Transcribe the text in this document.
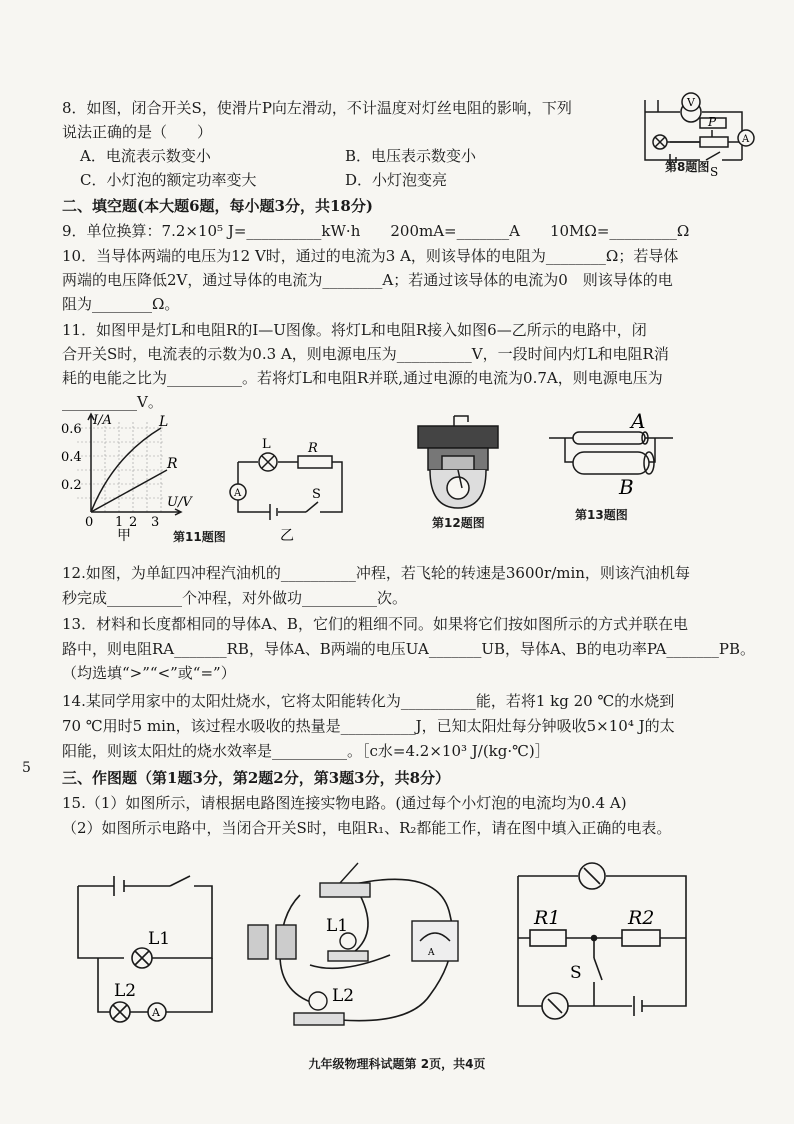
8．如图，闭合开关S，使滑片P向左滑动，不计温度对灯丝电阻的影响，下列
说法正确的是（　　）
A．电流表示数变小	B．电压表示数变小
C．小灯泡的额定功率变大	D．小灯泡变亮
V
A
P
S
第8题图
二、填空题(本大题6题，每小题3分，共18分)
9．单位换算：7.2×10⁵ J=__________kW·h　　200mA=_______A　　10MΩ=_________Ω
10．当导体两端的电压为12 V时，通过的电流为3 A，则该导体的电阻为________Ω；若导体
两端的电压降低2V，通过导体的电流为________A；若通过该导体的电流为0　则该导体的电
阻为________Ω。
11．如图甲是灯L和电阻R的I—U图像。将灯L和电阻R接入如图6—乙所示的电路中，闭
合开关S时，电流表的示数为0.3 A，则电源电压为__________V，一段时间内灯L和电阻R消
耗的电能之比为__________。若将灯L和电阻R并联,通过电源的电流为0.7A，则电源电压为
__________V。
I/A
U/V
0.6
0.4
0.2
0 1 2 3
L
R
甲
A
L	R
S
乙
第11题图
第12题图
A
B
第13题图
12.如图，为单缸四冲程汽油机的__________冲程，若飞轮的转速是3600r/min，则该汽油机每
秒完成__________个冲程，对外做功__________次。
13．材料和长度都相同的导体A、B，它们的粗细不同。如果将它们按如图所示的方式并联在电
路中，则电阻RA_______RB，导体A、B两端的电压UA_______UB，导体A、B的电功率PA_______PB。
（均选填“>”“<”或“=”）
14.某同学用家中的太阳灶烧水，它将太阳能转化为__________能，若将1 kg 20 ℃的水烧到
70 ℃用时5 min，该过程水吸收的热量是__________J，已知太阳灶每分钟吸收5×10⁴ J的太
阳能，则该太阳灶的烧水效率是__________。［c水=4.2×10³ J/(kg·℃)］
5
三、作图题（第1题3分，第2题2分，第3题3分，共8分）
15.（1）如图所示，请根据电路图连接实物电路。(通过每个小灯泡的电流均为0.4 A)
（2）如图所示电路中，当闭合开关S时，电阻R₁、R₂都能工作，请在图中填入正确的电表。
A
L1
L2
A
L1
L2
R1	R2
S
九年级物理科试题第 2页，共4页
